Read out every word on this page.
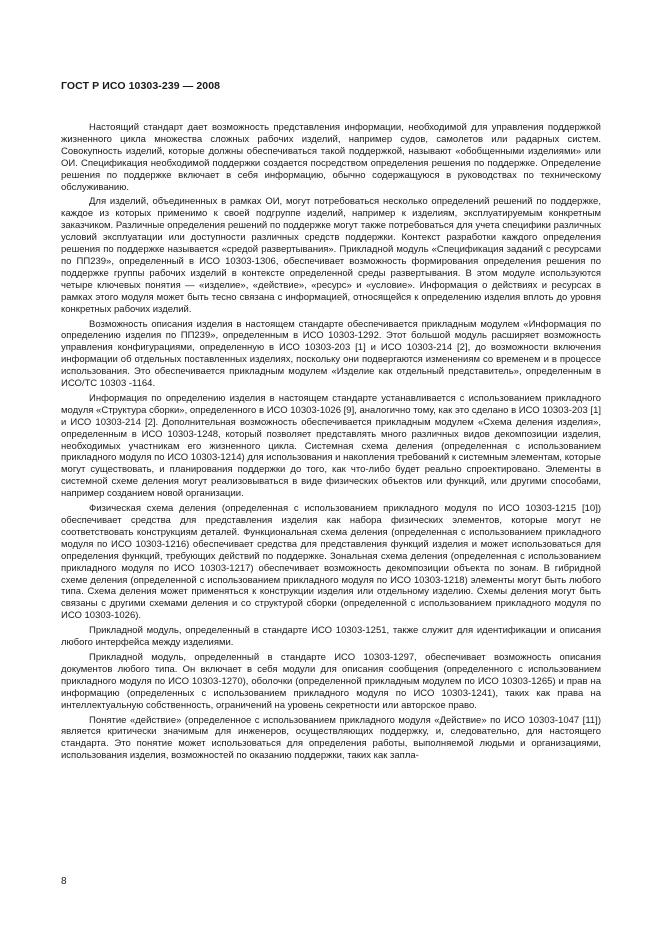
ГОСТ Р ИСО 10303-239 — 2008

Настоящий стандарт дает возможность представления информации, необходимой для управления поддержкой жизненного цикла множества сложных рабочих изделий, например судов, самолетов или радарных систем. Совокупность изделий, которые должны обеспечиваться такой поддержкой, называют «обобщенными изделиями» или ОИ. Спецификация необходимой поддержки создается посредством определения решения по поддержке. Определение решения по поддержке включает в себя информацию, обычно содержащуюся в руководствах по техническому обслуживанию.

Для изделий, объединенных в рамках ОИ, могут потребоваться несколько определений решений по поддержке, каждое из которых применимо к своей подгруппе изделий, например к изделиям, эксплуатируемым конкретным заказчиком. Различные определения решений по поддержке могут также потребоваться для учета специфики различных условий эксплуатации или доступности различных средств поддержки. Контекст разработки каждого определения решения по поддержке называется «средой развертывания». Прикладной модуль «Спецификация заданий с ресурсами по ПП239», определенный в ИСО 10303-1306, обеспечивает возможность формирования определения решения по поддержке группы рабочих изделий в контексте определенной среды развертывания. В этом модуле используются четыре ключевых понятия — «изделие», «действие», «ресурс» и «условие». Информация о действиях и ресурсах в рамках этого модуля может быть тесно связана с информацией, относящейся к определению изделия вплоть до уровня конкретных рабочих изделий.

Возможность описания изделия в настоящем стандарте обеспечивается прикладным модулем «Информация по определению изделия по ПП239», определенным в ИСО 10303-1292. Этот большой модуль расширяет возможность управления конфигурациями, определенную в ИСО 10303-203 [1] и ИСО 10303-214 [2], до возможности включения информации об отдельных поставленных изделиях, поскольку они подвергаются изменениям со временем и в процессе использования. Это обеспечивается прикладным модулем «Изделие как отдельный представитель», определенным в ИСО/ТС 10303 -1164.

Информация по определению изделия в настоящем стандарте устанавливается с использованием прикладного модуля «Структура сборки», определенного в ИСО 10303-1026 [9], аналогично тому, как это сделано в ИСО 10303-203 [1] и ИСО 10303-214 [2]. Дополнительная возможность обеспечивается прикладным модулем «Схема деления изделия», определенным в ИСО 10303-1248, который позволяет представлять много различных видов декомпозиции изделия, необходимых участникам его жизненного цикла. Системная схема деления (определенная с использованием прикладного модуля по ИСО 10303-1214) для использования и накопления требований к системным элементам, которые могут существовать, и планирования поддержки до того, как что-либо будет реально спроектировано. Элементы в системной схеме деления могут реализовываться в виде физических объектов или функций, или другими способами, например созданием новой организации.

Физическая схема деления (определенная с использованием прикладного модуля по ИСО 10303-1215 [10]) обеспечивает средства для представления изделия как набора физических элементов, которые могут не соответствовать конструкциям деталей. Функциональная схема деления (определенная с использованием прикладного модуля по ИСО 10303-1216) обеспечивает средства для представления функций изделия и может использоваться для определения функций, требующих действий по поддержке. Зональная схема деления (определенная с использованием прикладного модуля по ИСО 10303-1217) обеспечивает возможность декомпозиции объекта по зонам. В гибридной схеме деления (определенной с использованием прикладного модуля по ИСО 10303-1218) элементы могут быть любого типа. Схема деления может применяться к конструкции изделия или отдельному изделию. Схемы деления могут быть связаны с другими схемами деления и со структурой сборки (определенной с использованием прикладного модуля по ИСО 10303-1026).

Прикладной модуль, определенный в стандарте ИСО 10303-1251, также служит для идентификации и описания любого интерфейса между изделиями.

Прикладной модуль, определенный в стандарте ИСО 10303-1297, обеспечивает возможность описания документов любого типа. Он включает в себя модули для описания сообщения (определенного с использованием прикладного модуля по ИСО 10303-1270), оболочки (определенной прикладным модулем по ИСО 10303-1265) и прав на информацию (определенных с использованием прикладного модуля по ИСО 10303-1241), таких как права на интеллектуальную собственность, ограничений на уровень секретности или авторское право.

Понятие «действие» (определенное с использованием прикладного модуля «Действие» по ИСО 10303-1047 [11]) является критически значимым для инженеров, осуществляющих поддержку, и, следовательно, для настоящего стандарта. Это понятие может использоваться для определения работы, выполняемой людьми и организациями, использования изделия, возможностей по оказанию поддержки, таких как запла-

8
